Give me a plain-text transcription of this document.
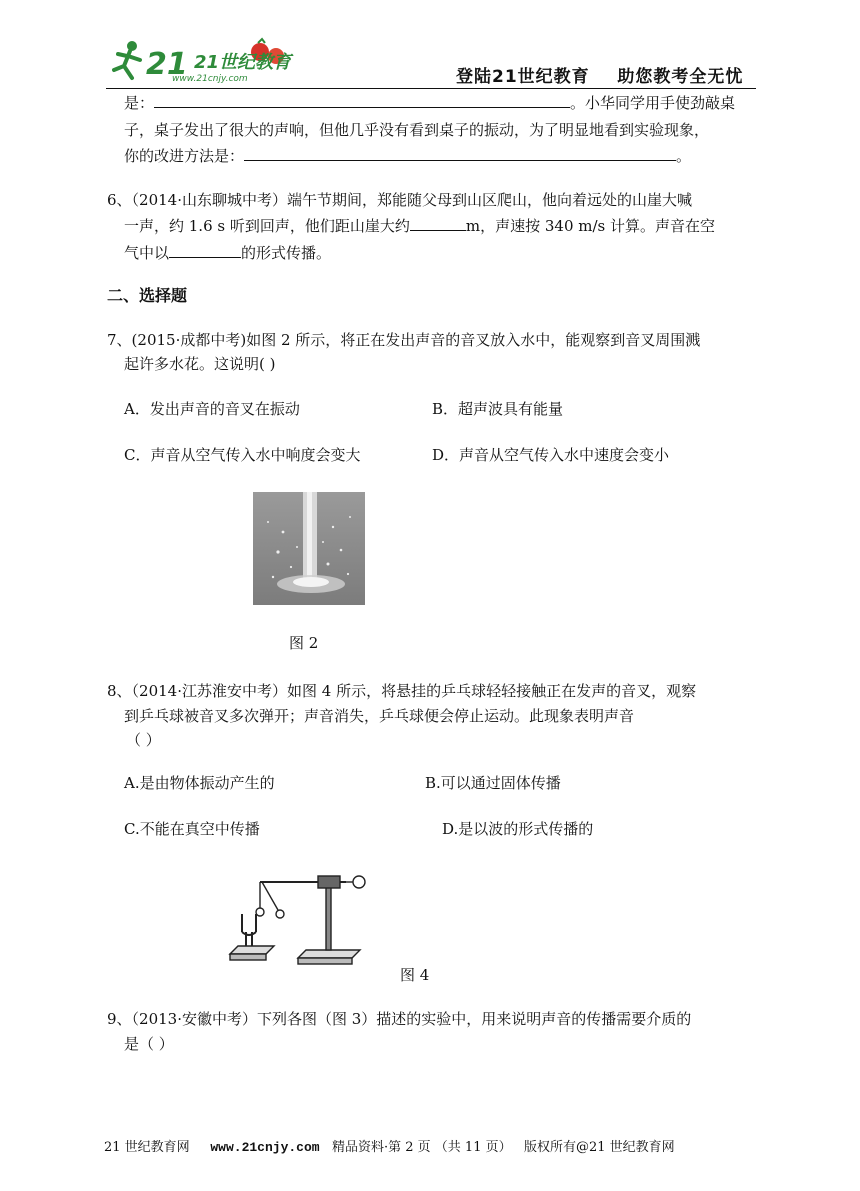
21 21世纪教育
www.21cnjy.com	登陆21世纪教育    助您教考全无忧
是：	。小华同学用手使劲敲桌
子，桌子发出了很大的声响，但他几乎没有看到桌子的振动，为了明显地看到实验现象，
你的改进方法是：	。
6、（2014·山东聊城中考）端午节期间，郑能随父母到山区爬山，他向着远处的山崖大喊
一声，约 1.6 s 听到回声，他们距山崖大约	m，声速按 340 m/s 计算。声音在空
气中以	的形式传播。
二、选择题
7、(2015·成都中考)如图 2 所示，将正在发出声音的音叉放入水中，能观察到音叉周围溅
起许多水花。这说明( )
A．发出声音的音叉在振动	B．超声波具有能量
C．声音从空气传入水中响度会变大	D．声音从空气传入水中速度会变小
图 2
8、（2014·江苏淮安中考）如图 4 所示，将悬挂的乒乓球轻轻接触正在发声的音叉，观察
到乒乓球被音叉多次弹开；声音消失，乒乓球便会停止运动。此现象表明声音
（ ）
A.是由物体振动产生的	B.可以通过固体传播
C.不能在真空中传播	D.是以波的形式传播的
图 4
9、（2013·安徽中考）下列各图（图 3）描述的实验中，用来说明声音的传播需要介质的
是（ ）
21 世纪教育网 www.21cnjy.com 精品资料·第 2 页 （共 11 页） 版权所有@21 世纪教育网
